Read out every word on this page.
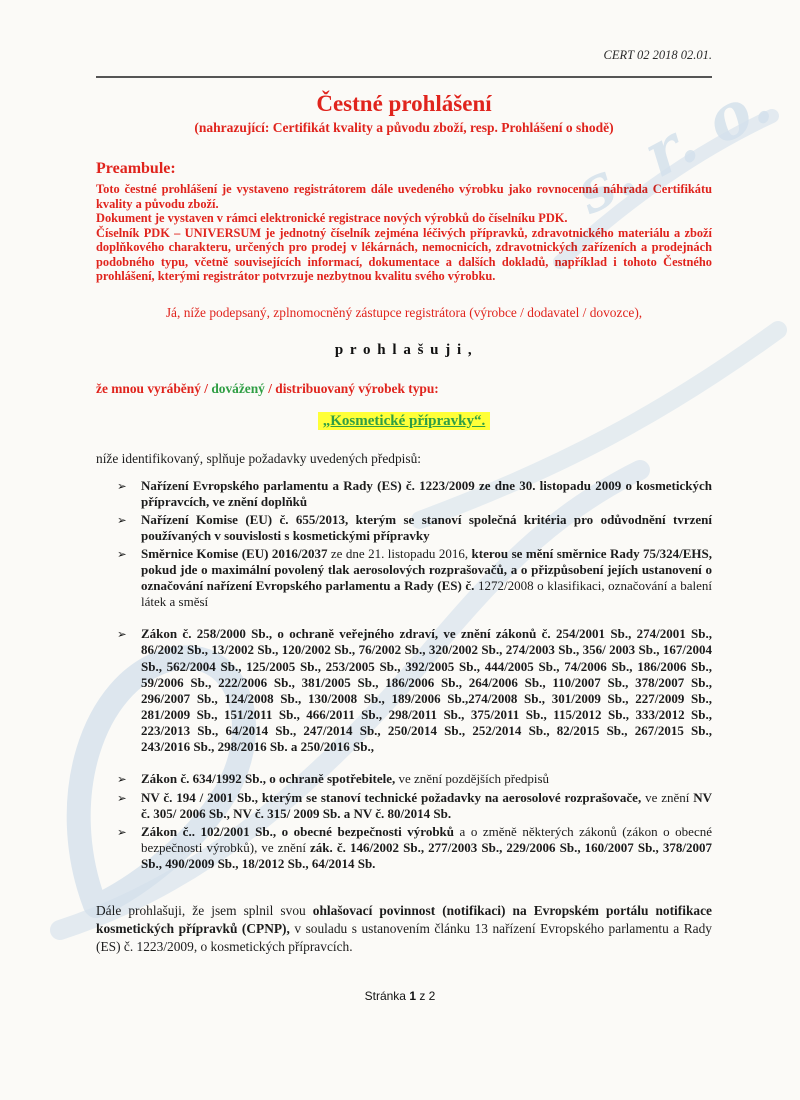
CERT 02 2018 02.01.
Čestné prohlášení
(nahrazující: Certifikát kvality a původu zboží, resp. Prohlášení o shodě)
Preambule:

Toto čestné prohlášení je vystaveno registrátorem dále uvedeného výrobku jako rovnocenná náhrada Certifikátu kvality a původu zboží.

Dokument je vystaven v rámci elektronické registrace nových výrobků do číselníku PDK.

Číselník PDK – UNIVERSUM je jednotný číselník zejména léčivých přípravků, zdravotnického materiálu a zboží doplňkového charakteru, určených pro prodej v lékárnách, nemocnicích, zdravotnických zařízeních a prodejnách podobného typu, včetně souvisejících informací, dokumentace a dalších dokladů, například i tohoto Čestného prohlášení, kterými registrátor potvrzuje nezbytnou kvalitu svého výrobku.

Já, níže podepsaný, zplnomocněný zástupce registrátora (výrobce / dodavatel / dovozce),

p r o h l a š u j i ,

že mnou vyráběný / dovážený / distribuovaný výrobek typu:

„Kosmetické přípravky“.

níže identifikovaný, splňuje požadavky uvedených předpisů:

➢	Nařízení Evropského parlamentu a Rady (ES) č. 1223/2009 ze dne 30. listopadu 2009 o kosmetických přípravcích, ve znění doplňků
➢	Nařízení Komise (EU) č. 655/2013, kterým se stanoví společná kritéria pro odůvodnění tvrzení používaných v souvislosti s kosmetickými přípravky
➢	Směrnice Komise (EU) 2016/2037 ze dne 21. listopadu 2016, kterou se mění směrnice Rady 75/324/EHS, pokud jde o maximální povolený tlak aerosolových rozprašovačů, a o přizpůsobení jejích ustanovení o označování nařízení Evropského parlamentu a Rady (ES) č. 1272/2008 o klasifikaci, označování a balení látek a směsí
➢	Zákon č. 258/2000 Sb., o ochraně veřejného zdraví, ve znění zákonů č. 254/2001 Sb., 274/2001 Sb., 86/2002 Sb., 13/2002 Sb., 120/2002 Sb., 76/2002 Sb., 320/2002 Sb., 274/2003 Sb., 356/ 2003 Sb., 167/2004 Sb., 562/2004 Sb., 125/2005 Sb., 253/2005 Sb., 392/2005 Sb., 444/2005 Sb., 74/2006 Sb., 186/2006 Sb., 59/2006 Sb., 222/2006 Sb., 381/2005 Sb., 186/2006 Sb., 264/2006 Sb., 110/2007 Sb., 378/2007 Sb., 296/2007 Sb., 124/2008 Sb., 130/2008 Sb., 189/2006 Sb.,274/2008 Sb., 301/2009 Sb., 227/2009 Sb., 281/2009 Sb., 151/2011 Sb., 466/2011 Sb., 298/2011 Sb., 375/2011 Sb., 115/2012 Sb., 333/2012 Sb., 223/2013 Sb., 64/2014 Sb., 247/2014 Sb., 250/2014 Sb., 252/2014 Sb., 82/2015 Sb., 267/2015 Sb., 243/2016 Sb., 298/2016 Sb. a 250/2016 Sb.,
➢	Zákon č. 634/1992 Sb., o ochraně spotřebitele, ve znění pozdějších předpisů
➢	NV č. 194 / 2001 Sb., kterým se stanoví technické požadavky na aerosolové rozprašovače, ve znění NV č. 305/ 2006 Sb., NV č. 315/ 2009 Sb. a NV č. 80/2014 Sb.
➢	Zákon č.. 102/2001 Sb., o obecné bezpečnosti výrobků a o změně některých zákonů (zákon o obecné bezpečnosti výrobků), ve znění zák. č. 146/2002 Sb., 277/2003 Sb., 229/2006 Sb., 160/2007 Sb., 378/2007 Sb., 490/2009 Sb., 18/2012 Sb., 64/2014 Sb.

Dále prohlašuji, že jsem splnil svou ohlašovací povinnost (notifikaci) na Evropském portálu notifikace kosmetických přípravků (CPNP), v souladu s ustanovením článku 13 nařízení Evropského parlamentu a Rady (ES) č. 1223/2009, o kosmetických přípravcích.

Stránka 1 z 2
s. r. o.
